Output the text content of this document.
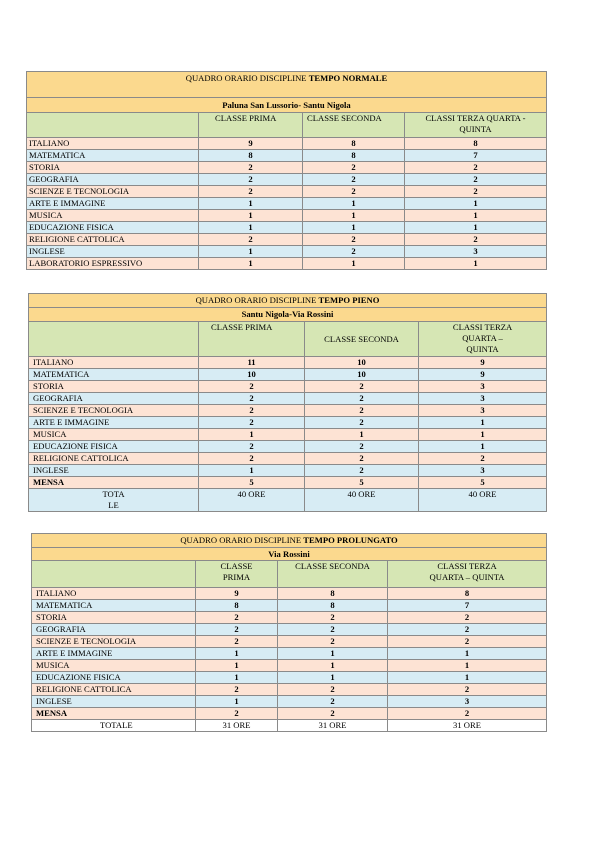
QUADRO ORARIO DISCIPLINE TEMPO NORMALE			
Paluna San Lussorio- Santu Nigola			
	CLASSE PRIMA	CLASSE SECONDA	CLASSI TERZA QUARTA - QUINTA
ITALIANO	9	8	8
MATEMATICA	8	8	7
STORIA	2	2	2
GEOGRAFIA	2	2	2
SCIENZE E TECNOLOGIA	2	2	2
ARTE E IMMAGINE	1	1	1
MUSICA	1	1	1
EDUCAZIONE FISICA	1	1	1
RELIGIONE CATTOLICA	2	2	2
INGLESE	1	2	3
LABORATORIO ESPRESSIVO	1	1	1
QUADRO ORARIO DISCIPLINE TEMPO PIENO			
Santu Nigola-Via Rossini			
	CLASSE PRIMA	CLASSE SECONDA	CLASSI TERZA QUARTA – QUINTA
ITALIANO	11	10	9
MATEMATICA	10	10	9
STORIA	2	2	3
GEOGRAFIA	2	2	3
SCIENZE E TECNOLOGIA	2	2	3
ARTE E IMMAGINE	2	2	1
MUSICA	1	1	1
EDUCAZIONE FISICA	2	2	1
RELIGIONE CATTOLICA	2	2	2
INGLESE	1	2	3
MENSA	5	5	5
TOTA LE	40 ORE	40 ORE	40 ORE
QUADRO ORARIO DISCIPLINE TEMPO PROLUNGATO			
Via Rossini			
	CLASSE PRIMA	CLASSE SECONDA	CLASSI TERZA QUARTA – QUINTA
ITALIANO	9	8	8
MATEMATICA	8	8	7
STORIA	2	2	2
GEOGRAFIA	2	2	2
SCIENZE E TECNOLOGIA	2	2	2
ARTE E IMMAGINE	1	1	1
MUSICA	1	1	1
EDUCAZIONE FISICA	1	1	1
RELIGIONE CATTOLICA	2	2	2
INGLESE	1	2	3
MENSA	2	2	2
TOTALE	31 ORE	31 ORE	31 ORE
